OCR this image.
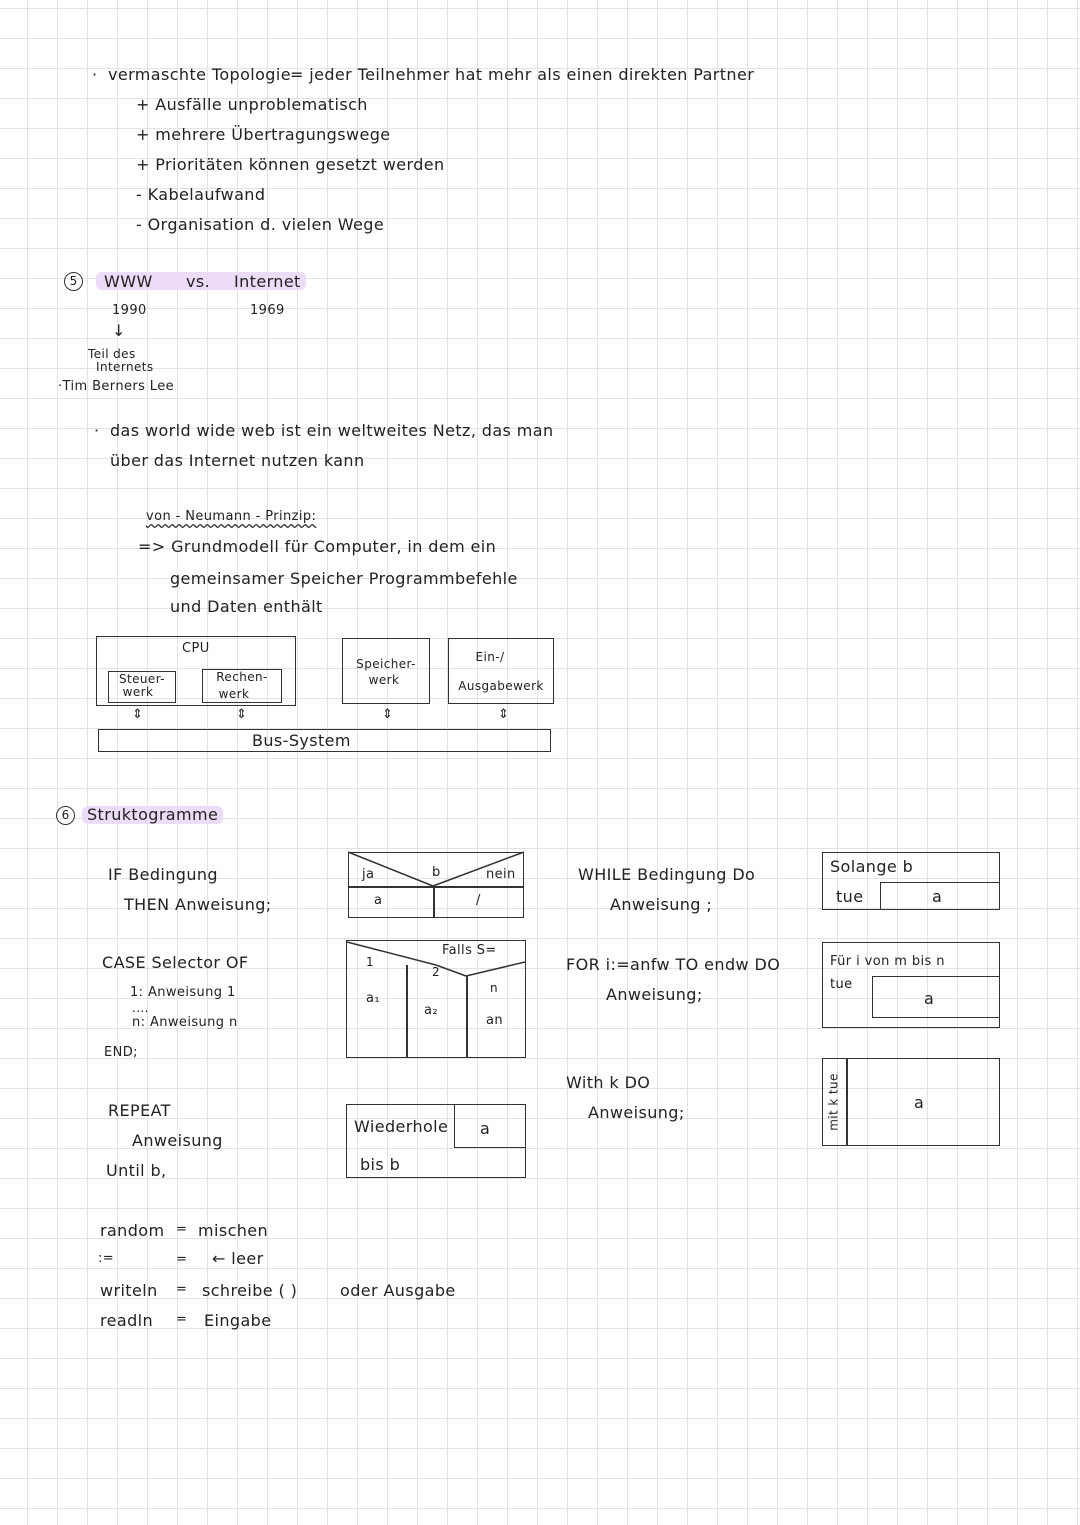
· vermaschte Topologie = jeder Teilnehmer hat mehr als einen direkten Partner
+ Ausfälle unproblematisch
+ mehrere Übertragungswege
+ Prioritäten können gesetzt werden
- Kabelaufwand
- Organisation d. vielen Wege
5	WWW vs. Internet
1990	1969
↓
Teil des
Internets
·Tim Berners Lee
· das world wide web ist ein weltweites Netz, das man
über das Internet nutzen kann
von - Neumann - Prinzip:
=> Grundmodell für Computer, in dem ein
gemeinsamer Speicher Programmbefehle
und Daten enthält
CPU
Steuer-
werk
Rechen-
werk
Speicher-
werk
Ein-/
Ausgabewerk
⇕	⇕	⇕	⇕
Bus-System
6	Struktogramme
IF Bedingung
THEN Anweisung;
ja	b	nein
a	/
CASE Selector OF
1: Anweisung 1
....
n: Anweisung n
END;
Falls S=
1
2
n
a₁
a₂
an
REPEAT
Anweisung
Until b,
Wiederhole a
bis b
WHILE Bedingung Do
Anweisung ;
Solange b
tue	a
FOR i:=anfw TO endw DO
Anweisung;
Für i von m bis n
tue
a
With k DO
Anweisung;	mit k tue	a
random = mischen
:=	= ← leer
writeln = schreibe ( )	oder Ausgabe
readln = Eingabe
